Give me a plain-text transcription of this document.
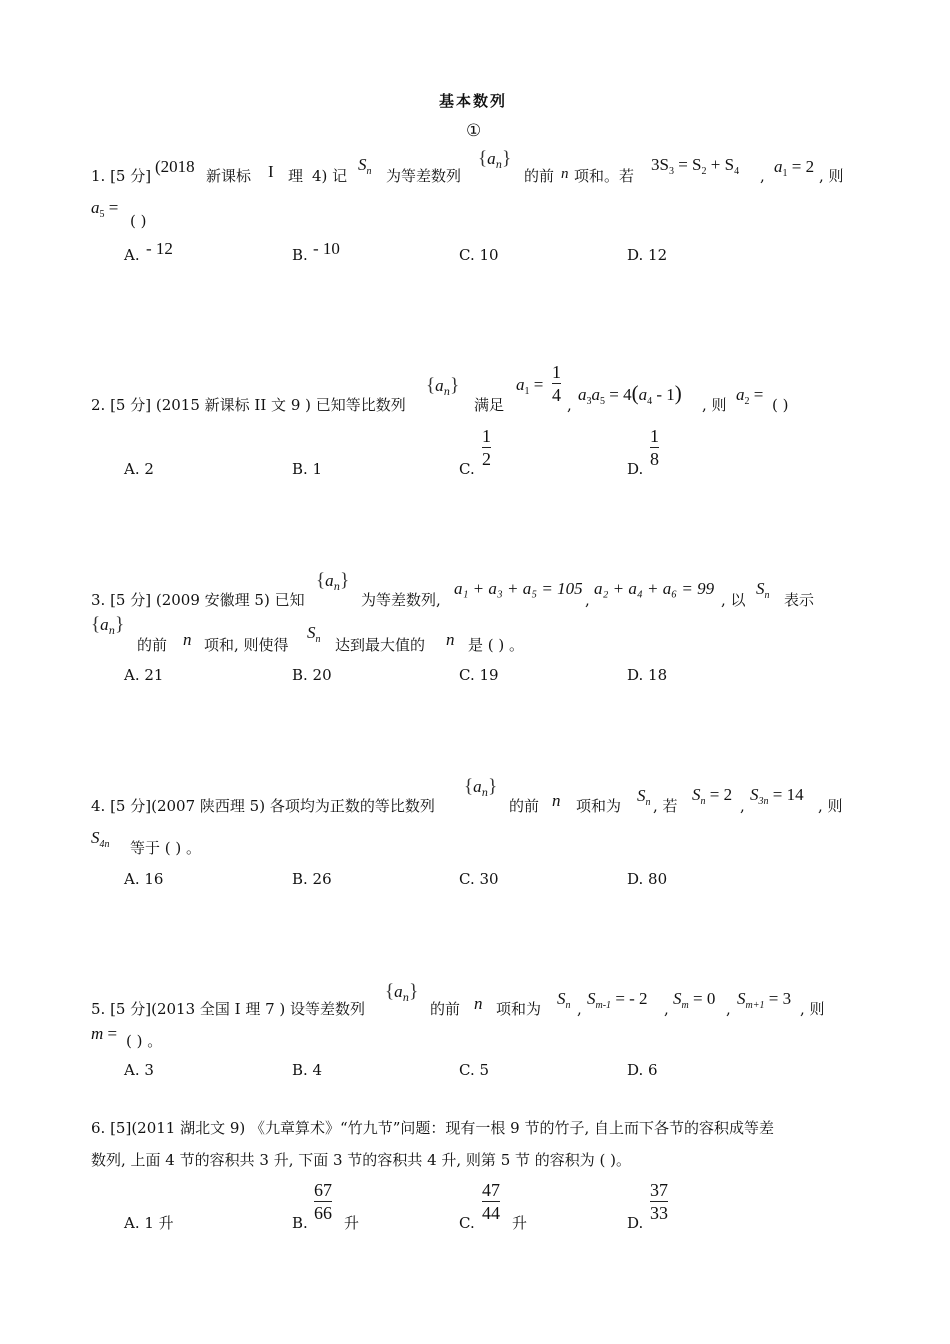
基本数列
①
1. [5 分] (2018 新课标 I 理 4) 记
$S_n$ 为等差数列
$\{a_n\}$
的前 n 项和。若
$3S_3 = S_2 + S_4$ , $a_1 = 2$ , 则
$a_5$ =
( )
A. - 12	B. - 10	C. 10	D. 12
2. [5 分] (2015 新课标 II 文 9 ) 已知等比数列
$\{a_n\}$
满足
$a_1$ =
1
4 ,
$a_3a_5 = 4(a_4 - 1)$ , 则
$a_2$ =
( )
A. 2	B. 1	C.
1
2	D.
1
8
3. [5 分] (2009 安徽理 5) 已知
$\{a_n\}$
为等差数列,
a₁ + a₃ + a₅ = 105
,
a₂ + a₄ + a₆ = 99
, 以
$S_n$ 表示
$\{a_n\}$
的前 n 项和, 则使得
$S_n$ 达到最大值的 n 是 ( ) 。
A. 21	B. 20	C. 19	D. 18
4. [5 分](2007 陕西理 5) 各项均为正数的等比数列
$\{a_n\}$
的前 n 项和为
$S_n$ , 若
$S_n = 2$
,
$S_{3n} = 14$
, 则
$S_{4n}$ 等于 ( ) 。
A. 16	B. 26	C. 30	D. 80
5. [5 分](2013 全国 I 理 7 ) 设等差数列
$\{a_n\}$
的前 n 项和为
$S_n$ ,
$S_{m-1}$ = - 2
,
$S_m = 0$
,
$S_{m+1} = 3$
, 则
m = ( ) 。
A. 3	B. 4	C. 5	D. 6
6. [5](2011 湖北文 9) 《九章算术》“竹九节”问题：现有一根 9 节的竹子, 自上而下各节的容积成等差
数列, 上面 4 节的容积共 3 升, 下面 3 节的容积共 4 升, 则第 5 节 的容积为 ( )。
A. 1 升	B.
67
66 升	C.
47
44 升	D.
37
33
